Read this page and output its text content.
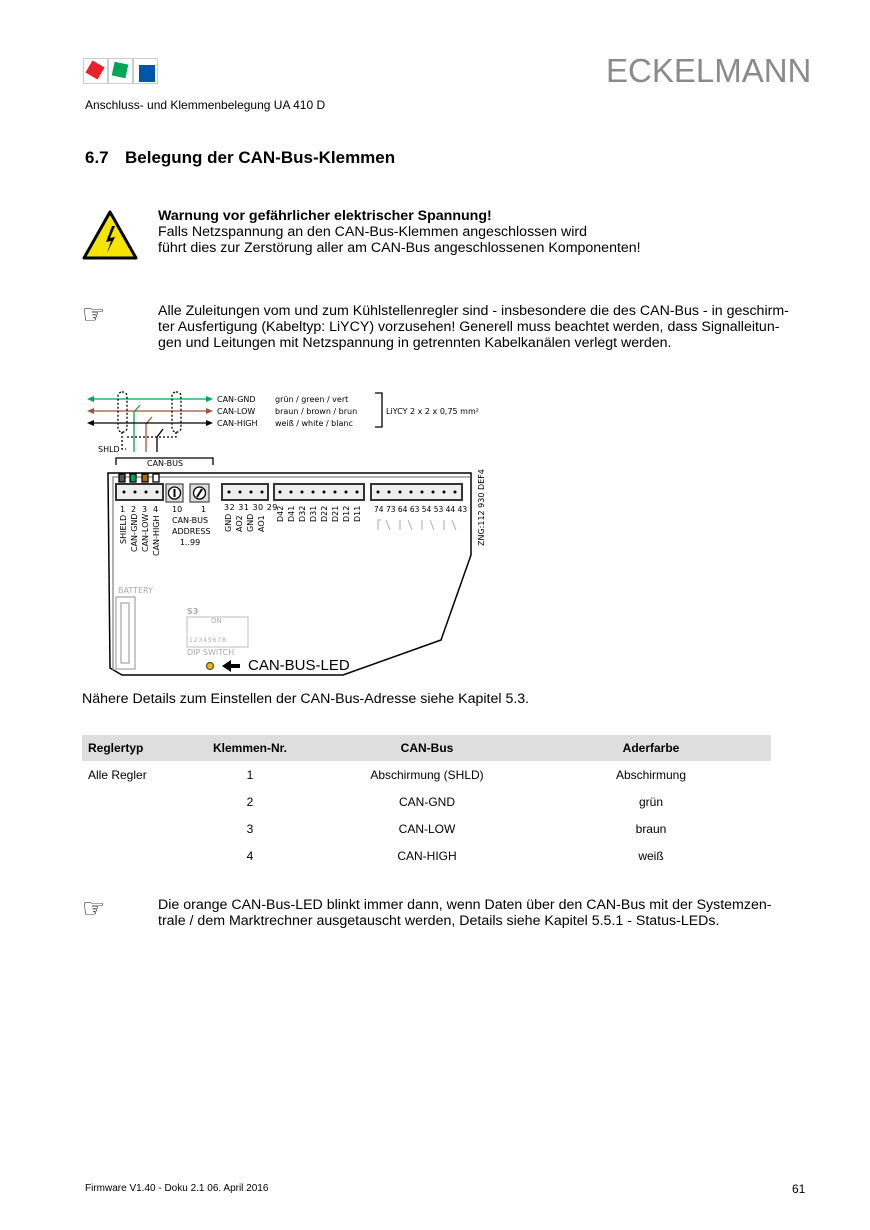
ECKELMANN
Anschluss- und Klemmenbelegung UA 410 D
6.7 Belegung der CAN-Bus-Klemmen
Warnung vor gefährlicher elektrischer Spannung!
Falls Netzspannung an den CAN-Bus-Klemmen angeschlossen wird
führt dies zur Zerstörung aller am CAN-Bus angeschlossenen Komponenten!
☞	Alle Zuleitungen vom und zum Kühlstellenregler sind - insbesondere die des CAN-Bus - in geschirm-
ter Ausfertigung (Kabeltyp: LiYCY) vorzusehen! Generell muss beachtet werden, dass Signalleitun-
gen und Leitungen mit Netzspannung in getrennten Kabelkanälen verlegt werden.
CAN-GND
CAN-LOW
CAN-HIGH
grün / green / vert
braun / brown / brun
weiß / white / blanc
LiYCY 2 x 2 x 0,75 mm²
SHLD
CAN-BUS
1 2 3 4
SHIELD CAN-GND CAN-LOW CAN-HIGH
10 1
CAN-BUS
ADDRESS
1..99
32 31 30 29
GND AO2 GND AO1
D42 D41 D32 D31 D22 D21 D12 D11 74 73 64 63 54 53 44 43 ZNG:112 930 DEF4
BATTERY
S3
ON
1 2 3 4 5 6 7 8
DIP SWITCH
CAN-BUS-LED
Nähere Details zum Einstellen der CAN-Bus-Adresse siehe Kapitel 5.3.
Reglertyp	Klemmen-Nr.	CAN-Bus	Aderfarbe
Alle Regler	1	Abschirmung (SHLD)	Abschirmung
	2	CAN-GND	grün
	3	CAN-LOW	braun
	4	CAN-HIGH	weiß
☞	Die orange CAN-Bus-LED blinkt immer dann, wenn Daten über den CAN-Bus mit der Systemzen-
trale / dem Marktrechner ausgetauscht werden, Details siehe Kapitel 5.5.1 - Status-LEDs.
Firmware V1.40 - Doku 2.1 06. April 2016	61
